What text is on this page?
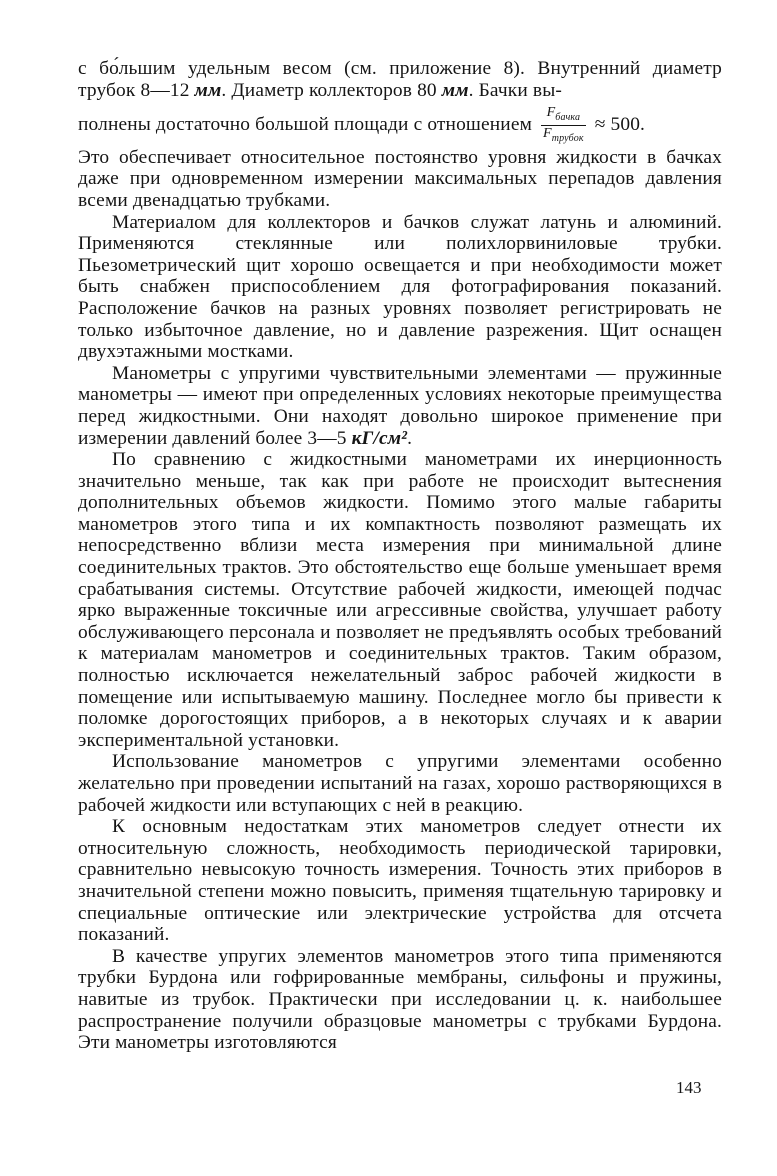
с бо́льшим удельным весом (см. приложение 8). Внутренний диаметр трубок 8—12 мм. Диаметр коллекторов 80 мм. Бачки вы-
полнены достаточно большой площади с отношением $\frac{F_{бачка}}{F_{трубок}} \approx 500$.
Это обеспечивает относительное постоянство уровня жидкости в бачках даже при одновременном измерении максимальных перепадов давления всеми двенадцатью трубками.

Материалом для коллекторов и бачков служат латунь и алюминий. Применяются стеклянные или полихлорвиниловые трубки. Пьезометрический щит хорошо освещается и при необходимости может быть снабжен приспособлением для фотографирования показаний. Расположение бачков на разных уровнях позволяет регистрировать не только избыточное давление, но и давление разрежения. Щит оснащен двухэтажными мостками.

Манометры с упругими чувствительными элементами — пружинные манометры — имеют при определенных условиях некоторые преимущества перед жидкостными. Они находят довольно широкое применение при измерении давлений более 3—5 кГ/см².

По сравнению с жидкостными манометрами их инерционность значительно меньше, так как при работе не происходит вытеснения дополнительных объемов жидкости. Помимо этого малые габариты манометров этого типа и их компактность позволяют размещать их непосредственно вблизи места измерения при минимальной длине соединительных трактов. Это обстоятельство еще больше уменьшает время срабатывания системы. Отсутствие рабочей жидкости, имеющей подчас ярко выраженные токсичные или агрессивные свойства, улучшает работу обслуживающего персонала и позволяет не предъявлять особых требований к материалам манометров и соединительных трактов. Таким образом, полностью исключается нежелательный заброс рабочей жидкости в помещение или испытываемую машину. Последнее могло бы привести к поломке дорогостоящих приборов, а в некоторых случаях и к аварии экспериментальной установки.

Использование манометров с упругими элементами особенно желательно при проведении испытаний на газах, хорошо растворяющихся в рабочей жидкости или вступающих с ней в реакцию.

К основным недостаткам этих манометров следует отнести их относительную сложность, необходимость периодической тарировки, сравнительно невысокую точность измерения. Точность этих приборов в значительной степени можно повысить, применяя тщательную тарировку и специальные оптические или электрические устройства для отсчета показаний.

В качестве упругих элементов манометров этого типа применяются трубки Бурдона или гофрированные мембраны, сильфоны и пружины, навитые из трубок. Практически при исследовании ц. к. наибольшее распространение получили образцовые манометры с трубками Бурдона. Эти манометры изготовляются

143
